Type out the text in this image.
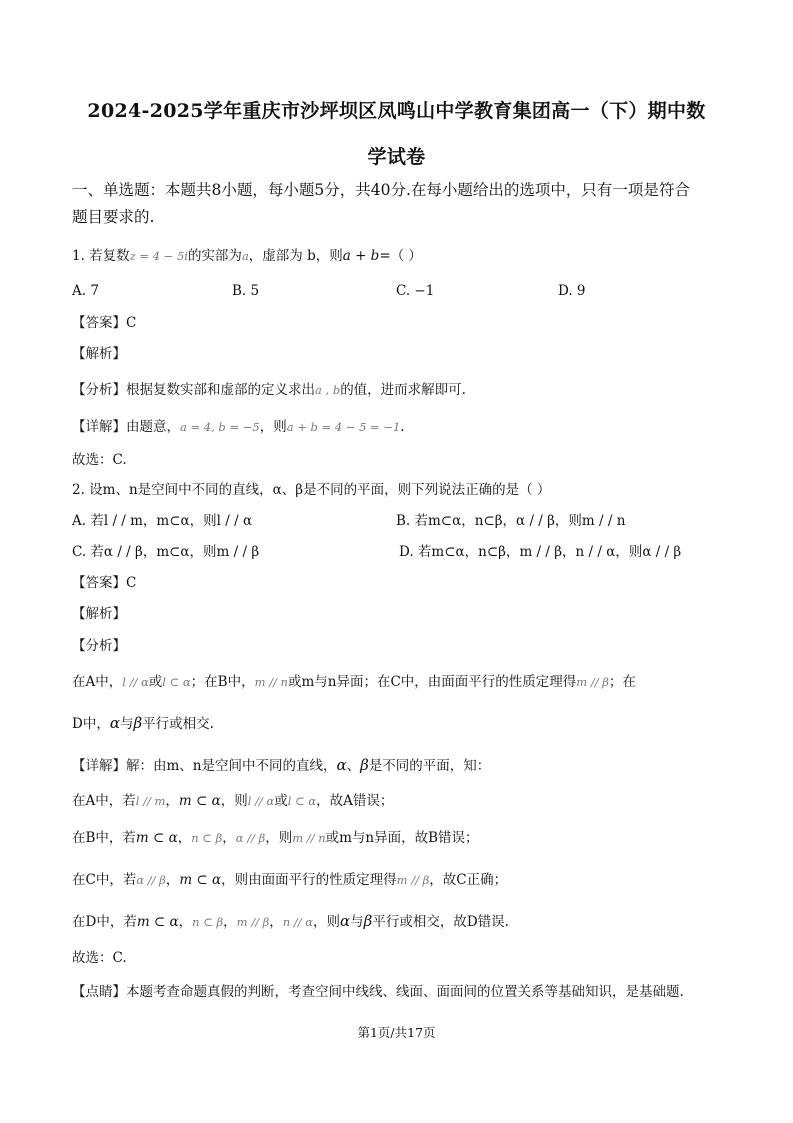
2024-2025学年重庆市沙坪坝区凤鸣山中学教育集团高一（下）期中数
学试卷
一、单选题：本题共8小题，每小题5分，共40分.在每小题给出的选项中，只有一项是符合
题目要求的.
1. 若复数z = 4 − 5i的实部为a，虚部为 b，则a + b=（ ）
A. 7	B. 5	C. −1	D. 9
【答案】C
【解析】
【分析】根据复数实部和虚部的定义求出a , b的值，进而求解即可.
【详解】由题意，a = 4, b = −5，则a + b = 4 − 5 = −1.
故选：C.
2. 设m、n是空间中不同的直线，α、β是不同的平面，则下列说法正确的是（ ）
A. 若l / / m，m⊂α，则l / / α	B. 若m⊂α，n⊂β，α / / β，则m / / n
C. 若α / / β，m⊂α，则m / / β	D. 若m⊂α，n⊂β，m / / β，n / / α，则α / / β
【答案】C
【解析】
【分析】
在A中，l // α或l ⊂ α；在B中，m // n或m与n异面；在C中，由面面平行的性质定理得m // β；在
D中，α与β平行或相交.
【详解】解：由m、n是空间中不同的直线，α、β是不同的平面，知：
在A中，若l // m，m ⊂ α，则l // α或l ⊂ α，故A错误；
在B中，若m ⊂ α，n ⊂ β，α // β，则m // n或m与n异面，故B错误；
在C中，若α // β，m ⊂ α，则由面面平行的性质定理得m // β，故C正确；
在D中，若m ⊂ α，n ⊂ β，m // β，n // α，则α与β平行或相交，故D错误.
故选：C.
【点睛】本题考查命题真假的判断，考查空间中线线、线面、面面间的位置关系等基础知识，是基础题.
第1页/共17页
